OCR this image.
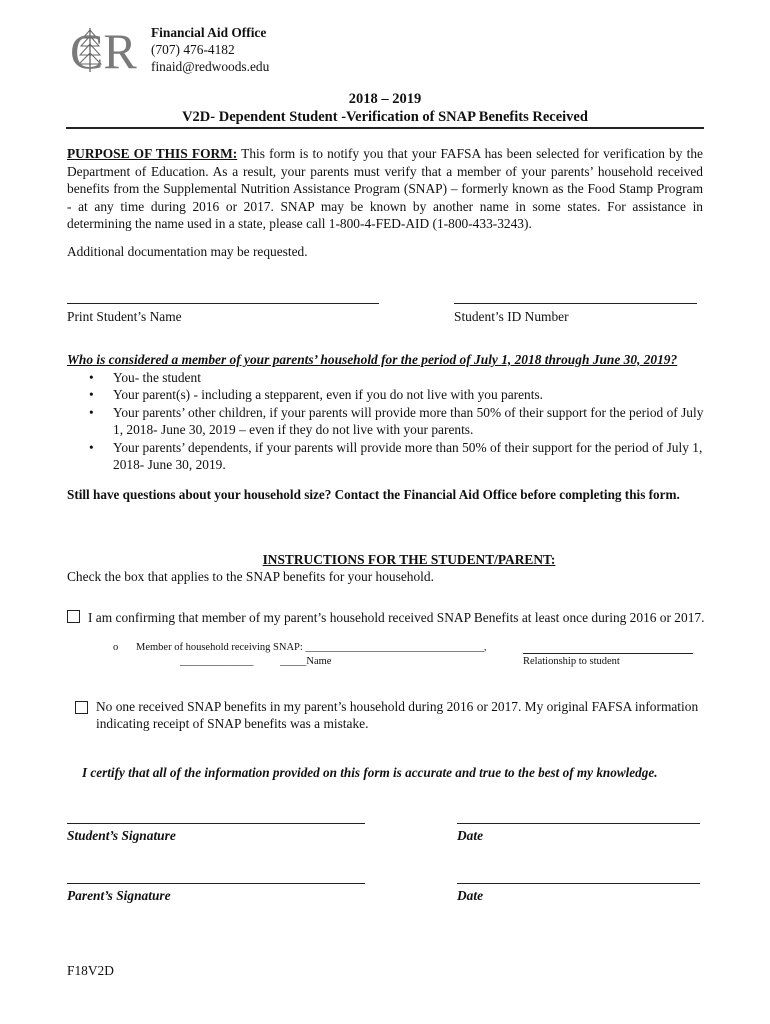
CR Financial Aid Office
(707) 476-4182
finaid@redwoods.edu
2018 – 2019
V2D- Dependent Student -Verification of SNAP Benefits Received
PURPOSE OF THIS FORM: This form is to notify you that your FAFSA has been selected for verification by the Department of Education. As a result, your parents must verify that a member of your parents’ household received benefits from the Supplemental Nutrition Assistance Program (SNAP) – formerly known as the Food Stamp Program - at any time during 2016 or 2017. SNAP may be known by another name in some states. For assistance in determining the name used in a state, please call 1-800-4-FED-AID (1-800-433-3243).
Additional documentation may be requested.
Print Student’s Name	Student’s ID Number
Who is considered a member of your parents’ household for the period of July 1, 2018 through June 30, 2019?
• You- the student
• Your parent(s) - including a stepparent, even if you do not live with you parents.
• Your parents’ other children, if your parents will provide more than 50% of their support for the period of July 1, 2018- June 30, 2019 – even if they do not live with your parents.
• Your parents’ dependents, if your parents will provide more than 50% of their support for the period of July 1, 2018- June 30, 2019.
Still have questions about your household size? Contact the Financial Aid Office before completing this form.
INSTRUCTIONS FOR THE STUDENT/PARENT:
Check the box that applies to the SNAP benefits for your household.
I am confirming that member of my parent’s household received SNAP Benefits at least once during 2016 or 2017.
o Member of household receiving SNAP: __________________________________,
______________ _____Name	Relationship to student
No one received SNAP benefits in my parent’s household during 2016 or 2017. My original FAFSA information indicating receipt of SNAP benefits was a mistake.
I certify that all of the information provided on this form is accurate and true to the best of my knowledge.
Student’s Signature	Date
Parent’s Signature	Date
F18V2D
